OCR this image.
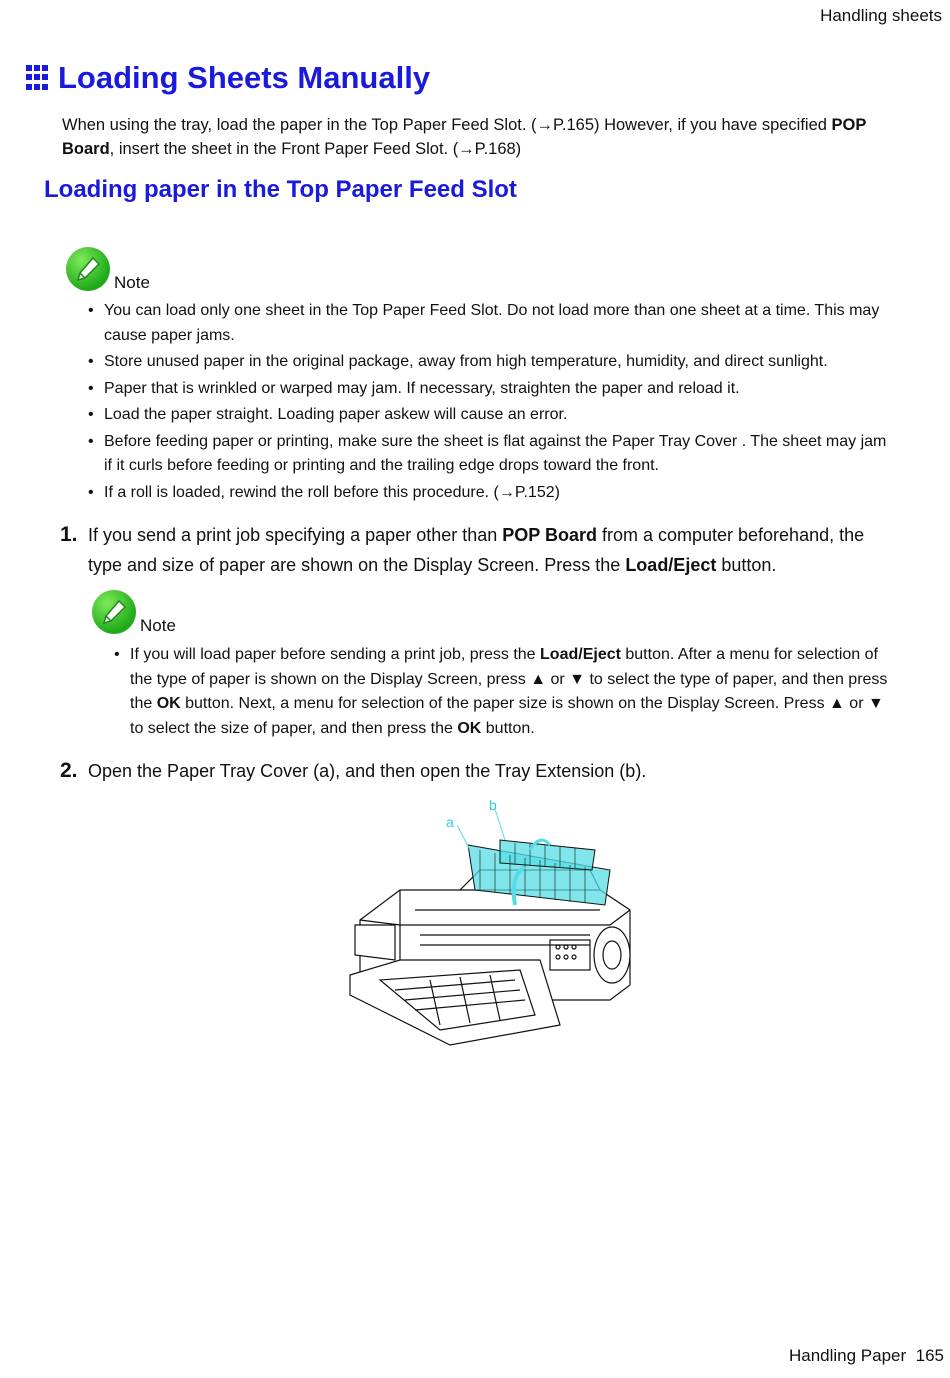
Handling sheets
Loading Sheets Manually
When using the tray, load the paper in the Top Paper Feed Slot. (→P.165) However, if you have specified POP Board, insert the sheet in the Front Paper Feed Slot. (→P.168)
Loading paper in the Top Paper Feed Slot
Note
• You can load only one sheet in the Top Paper Feed Slot. Do not load more than one sheet at a time. This may cause paper jams.
• Store unused paper in the original package, away from high temperature, humidity, and direct sunlight.
• Paper that is wrinkled or warped may jam. If necessary, straighten the paper and reload it.
• Load the paper straight. Loading paper askew will cause an error.
• Before feeding paper or printing, make sure the sheet is flat against the Paper Tray Cover . The sheet may jam if it curls before feeding or printing and the trailing edge drops toward the front.
• If a roll is loaded, rewind the roll before this procedure. (→P.152)
1. If you send a print job specifying a paper other than POP Board from a computer beforehand, the type and size of paper are shown on the Display Screen. Press the Load/Eject button.
Note
• If you will load paper before sending a print job, press the Load/Eject button. After a menu for selection of the type of paper is shown on the Display Screen, press ▲ or ▼ to select the type of paper, and then press the OK button. Next, a menu for selection of the paper size is shown on the Display Screen. Press ▲ or ▼ to select the size of paper, and then press the OK button.
2. Open the Paper Tray Cover (a), and then open the Tray Extension (b).
a
b
Handling Paper 165
